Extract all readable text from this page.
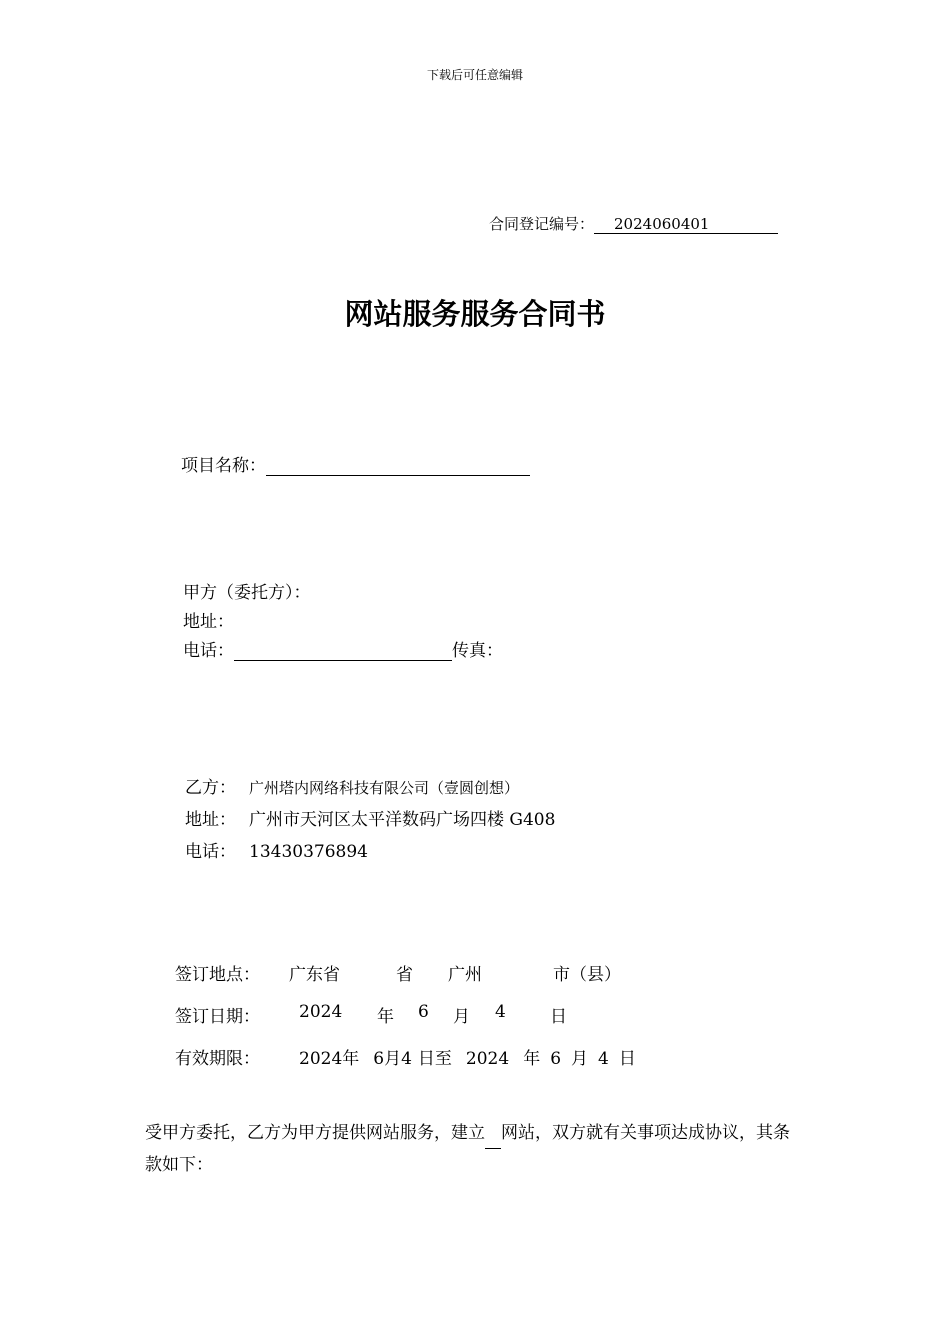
下载后可任意编辑
合同登记编号： 2024060401
网站服务服务合同书
项目名称：
甲方（委托方）：
地址：
电话：	传真：
乙方： 广州塔内网络科技有限公司（壹圆创想）
地址： 广州市天河区太平洋数码广场四楼 G408
电话： 13430376894
签订地点： 广东省	省 广州	市（县）
签订日期： 2024 年 6 月 4	日
有效期限： 2024年 6月4 日至 2024 年 6 月 4 日
受甲方委托，乙方为甲方提供网站服务，建立 网站，双方就有关事项达成协议，其条款如下：
